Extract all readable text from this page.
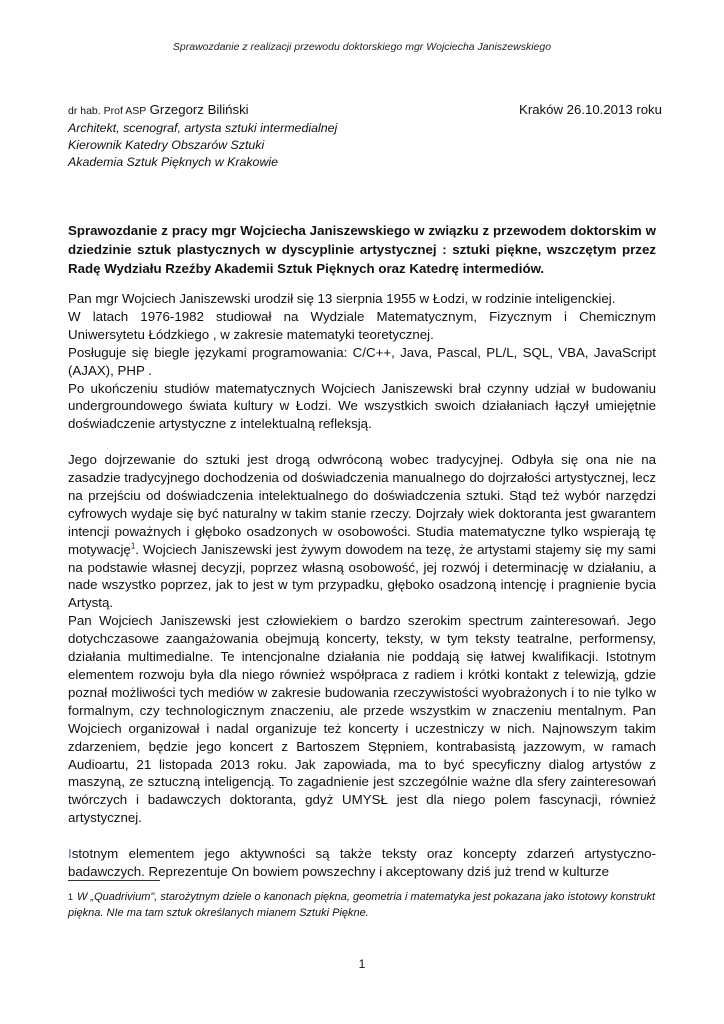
Sprawozdanie z realizacji przewodu doktorskiego mgr Wojciecha Janiszewskiego
dr hab. Prof ASP Grzegorz Biliński	Kraków 26.10.2013 roku
Architekt, scenograf, artysta sztuki intermedialnej
Kierownik Katedry Obszarów Sztuki
Akademia Sztuk Pięknych w Krakowie
Sprawozdanie z pracy mgr Wojciecha Janiszewskiego w związku z przewodem doktorskim w dziedzinie sztuk plastycznych w dyscyplinie artystycznej : sztuki piękne, wszczętym przez Radę Wydziału Rzeźby Akademii Sztuk Pięknych oraz Katedrę intermediów.

Pan mgr Wojciech Janiszewski urodził się 13 sierpnia 1955 w Łodzi, w rodzinie inteligenckiej.

W latach 1976-1982 studiował na Wydziale Matematycznym, Fizycznym i Chemicznym Uniwersytetu Łódzkiego , w zakresie matematyki teoretycznej.

Posługuje się biegle językami programowania: C/C++, Java, Pascal, PL/L, SQL, VBA, JavaScript (AJAX), PHP .

Po ukończeniu studiów matematycznych Wojciech Janiszewski brał czynny udział w budowaniu undergroundowego świata kultury w Łodzi. We wszystkich swoich działaniach łączył umiejętnie doświadczenie artystyczne z intelektualną refleksją.

Jego dojrzewanie do sztuki jest drogą odwróconą wobec tradycyjnej. Odbyła się ona nie na zasadzie tradycyjnego dochodzenia od doświadczenia manualnego do dojrzałości artystycznej, lecz na przejściu od doświadczenia intelektualnego do doświadczenia sztuki. Stąd też wybór narzędzi cyfrowych wydaje się być naturalny w takim stanie rzeczy. Dojrzały wiek doktoranta jest gwarantem intencji poważnych i głęboko osadzonych w osobowości. Studia matematyczne tylko wspierają tę motywację$^1$. Wojciech Janiszewski jest żywym dowodem na tezę, że artystami stajemy się my sami na podstawie własnej decyzji, poprzez własną osobowość, jej rozwój i determinację w działaniu, a nade wszystko poprzez, jak to jest w tym przypadku, głęboko osadzoną intencję i pragnienie bycia Artystą.

Pan Wojciech Janiszewski jest człowiekiem o bardzo szerokim spectrum zainteresowań. Jego dotychczasowe zaangażowania obejmują koncerty, teksty, w tym teksty teatralne, performensy, działania multimedialne. Te intencjonalne działania nie poddają się łatwej kwalifikacji. Istotnym elementem rozwoju była dla niego również współpraca z radiem i krótki kontakt z telewizją, gdzie poznał możliwości tych mediów w zakresie budowania rzeczywistości wyobrażonych i to nie tylko w formalnym, czy technologicznym znaczeniu, ale przede wszystkim w znaczeniu mentalnym. Pan Wojciech organizował i nadal organizuje też koncerty i uczestniczy w nich. Najnowszym takim zdarzeniem, będzie jego koncert z Bartoszem Stępniem, kontrabasistą jazzowym, w ramach Audioartu, 21 listopada 2013 roku. Jak zapowiada, ma to być specyficzny dialog artystów z maszyną, ze sztuczną inteligencją. To zagadnienie jest szczególnie ważne dla sfery zainteresowań twórczych i badawczych doktoranta, gdyż UMYSŁ jest dla niego polem fascynacji, również artystycznej.

Istotnym elementem jego aktywności są także teksty oraz koncepty zdarzeń artystyczno-badawczych. Reprezentuje On bowiem powszechny i akceptowany dziś już trend w kulturze

1 W „Quadrivium", starożytnym dziele o kanonach piękna, geometria i matematyka jest pokazana jako istotowy konstrukt piękna. NIe ma tam sztuk określanych mianem Sztuki Piękne.
1
